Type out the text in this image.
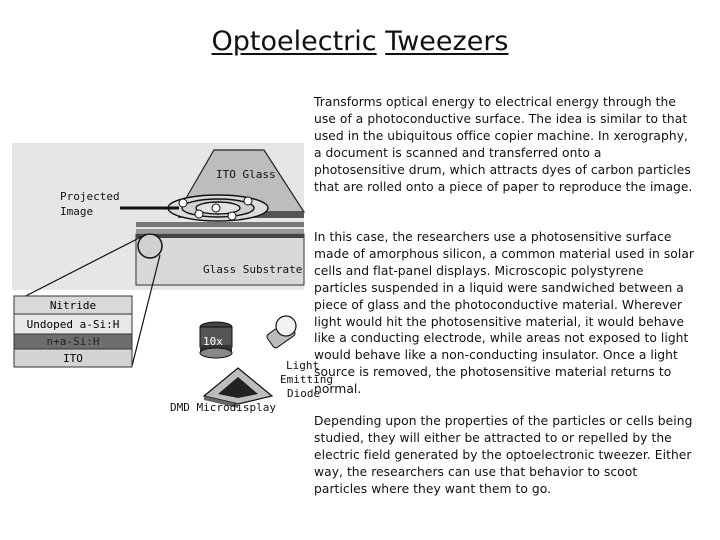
Optoelectric Tweezers

Transforms optical energy to electrical energy through the use of a photoconductive surface. The idea is similar to that used in the ubiquitous office copier machine. In xerography, a document is scanned and transferred onto a photosensitive drum, which attracts dyes of carbon particles that are rolled onto a piece of paper to reproduce the image.

In this case, the researchers use a photosensitive surface made of amorphous silicon, a common material used in solar cells and flat-panel displays. Microscopic polystyrene particles suspended in a liquid were sandwiched between a piece of glass and the photoconductive material. Wherever light would hit the photosensitive material, it would behave like a conducting electrode, while areas not exposed to light would behave like a non-conducting insulator. Once a light source is removed, the photosensitive material returns to normal.

Depending upon the properties of the particles or cells being studied, they will either be attracted to or repelled by the electric field generated by the optoelectronic tweezer. Either way, the researchers can use that behavior to scoot particles where they want them to go.

ITO Glass
Projected
Image
Glass Substrate
10x
Light
Emitting
Diode
DMD Microdisplay
Nitride
Undoped a-Si:H
n+a-Si:H
ITO
